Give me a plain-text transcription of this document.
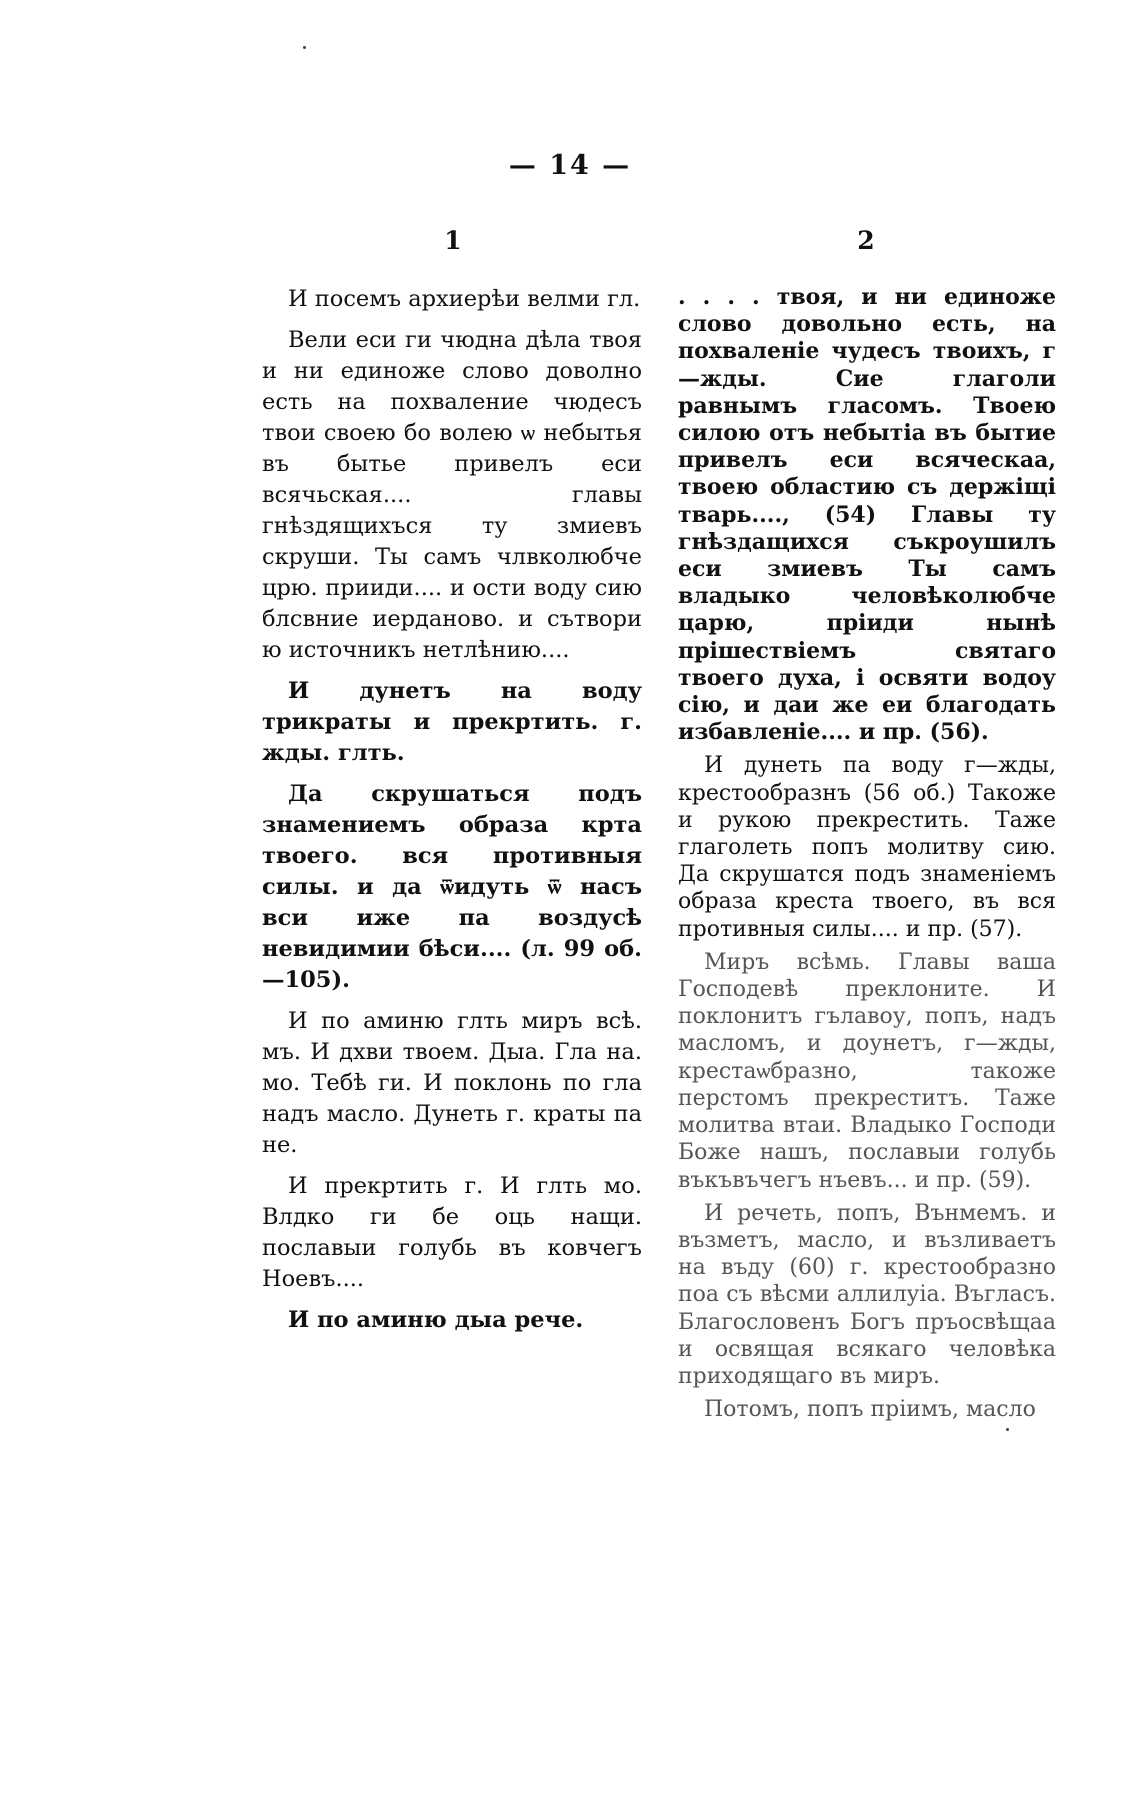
— 14 —
1	2

И посемъ архиерѣи велми гл.

Вели еси ги чюдна дѣла твоя и ни единоже слово доволно есть на похваление чюдесъ твои своею бо волею ѡ небытья въ бытье привелъ еси всячьская.... главы гнѣздящихъся ту змиевъ скруши. Ты самъ члвколюбче црю. прииди.... и ости воду сию блсвние иерданово. и сътвори ю источникъ нетлѣнию....

И дунетъ на воду трикраты и прекртить. г. жды. глть.

Да скрушаться подъ знамениемъ образа крта твоего. вся противныя силы. и да ѿидуть ѿ насъ вси иже па воздусѣ невидимии бѣси.... (л. 99 об.—105).

И по аминю глть миръ всѣ. мъ. И дхви твоем. Дыа. Гла на. мо. Тебѣ ги. И поклонь по гла надъ масло. Дунеть г. краты па не.

И прекртить г. И глть мо. Влдко ги бе оць нащи. пославыи голубь въ ковчегъ Ноевъ....

И по аминю дыа рече.

. . . . твоя, и ни единоже слово довольно есть, на похваленiе чудесъ твоихъ, г—жды. Сие глаголи равнымъ гласомъ. Твоею силою отъ небытiа въ бытие привелъ еси всяческаа, твоею областию съ держiщi тварь...., (54) Главы ту гнѣздащихся съкроушилъ еси змиевъ Ты самъ владыко человѣколюбче царю, прiиди нынѣ прiшествiемъ святаго твоего духа, i освяти водоу сiю, и даи же еи благодать избавленiе.... и пр. (56).

И дунеть па воду г—жды, крестообразнъ (56 об.) Такоже и рукою прекрестить. Таже глаголеть попъ молитву сию. Да скрушатся подъ знаменiемъ образа креста твоего, въ вся противныя силы.... и пр. (57).

Миръ всѣмь. Главы ваша Господевѣ преклоните. И поклонитъ гълавоу, попъ, надъ масломъ, и доунетъ, г—жды, крестаѡбразно, такоже перстомъ прекреститъ. Таже молитва втаи. Владыко Господи Боже нашъ, пославыи голубь въкъвъчегъ нъевъ... и пр. (59).

И речеть, попъ, Вънмемъ. и възметъ, масло, и възливаетъ на въду (60) г. крестообразно поа съ вѣсми аллилуiа. Въгласъ. Благословенъ Богъ пръосвѣщаа и освящая всякаго человѣка приходящаго въ миръ.

Потомъ, попъ прiимъ, масло
